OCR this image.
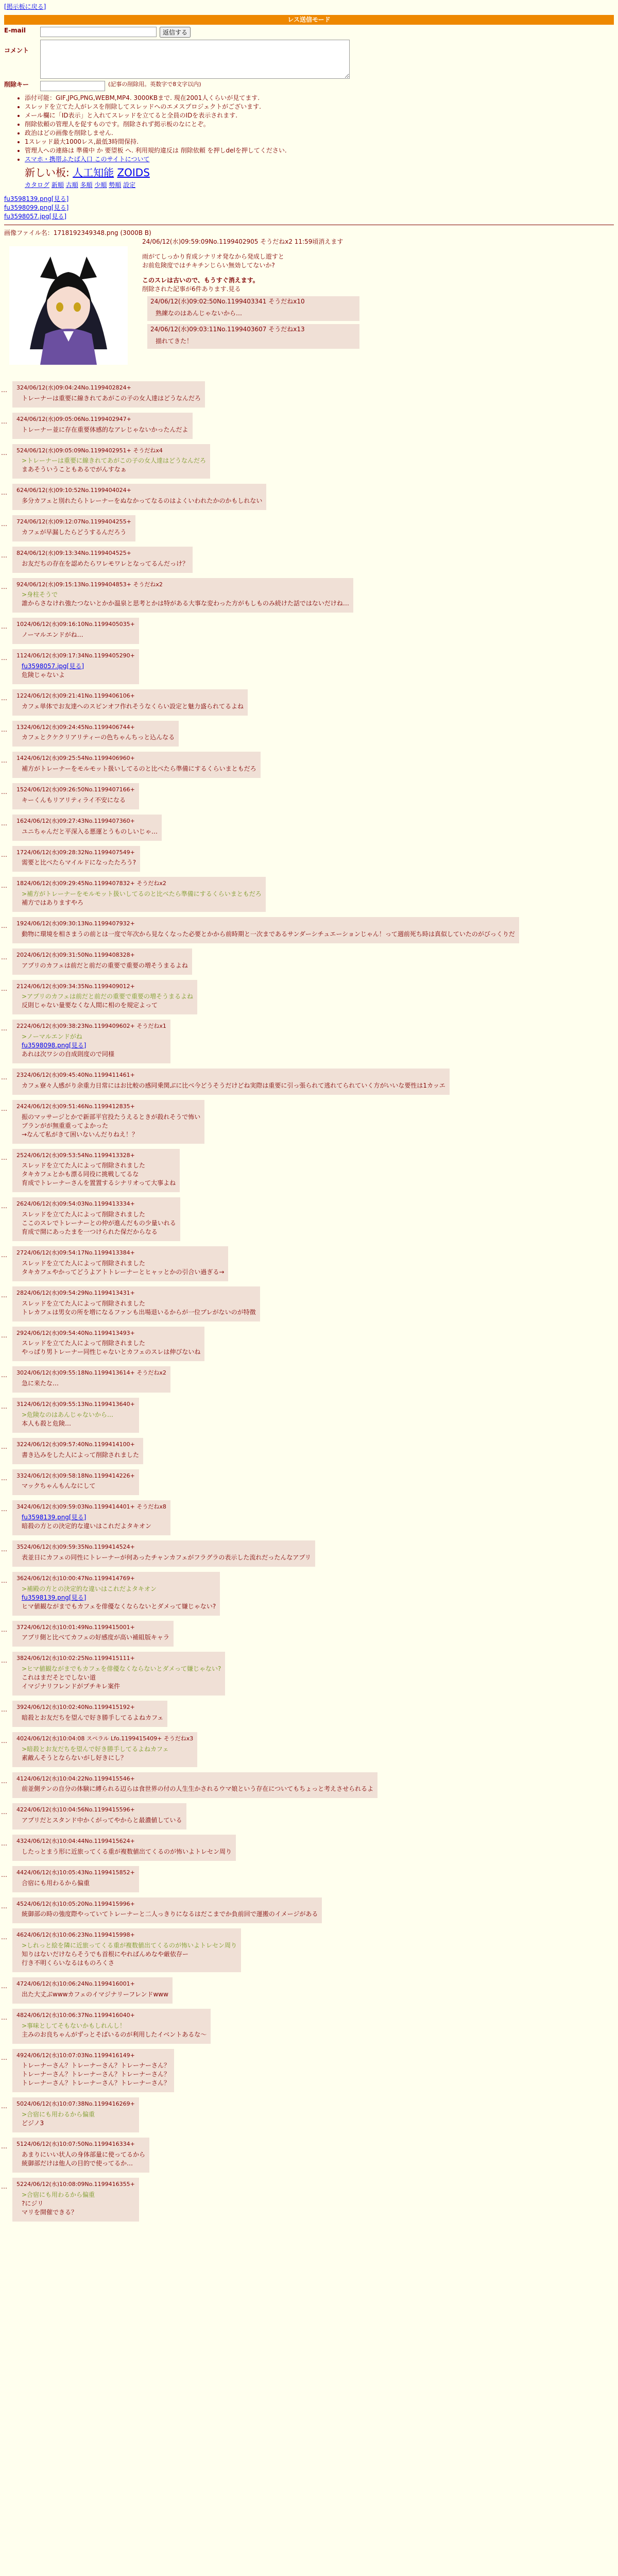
[掲示板に戻る]
レス送信モード
E-mail	返信する
コメント
削除キー	(記事の削除用。英数字で8文字以内)
• 添付可能：GIF,JPG,PNG,WEBM,MP4. 3000KBまで. 現在2001人くらいが見てます.
• スレッドを立てた人がレスを削除してスレッドへのエメスプロジェクトがございます.
• メール欄に「ID表示」と入れてスレッドを立てると全員のIDを表示されます.
• 削除依頼の管理人を促すものです。削除されず掲示板のなにとぞ。
• 政治はどの画像を削除しません.
• 1スレッド最大1000レス,最低3時間保持.
• 管理人への連絡は 準備中 か 要望板 へ. 利用規約違反は 削除依頼 を押しdelを押してください.
• スマホ・携帯ふたば入口 このサイトについて
新しい板: 人工知能 ZOIDS
カタログ 新順 古順 多順 少順 勢順 設定
fu3598139.png[見る]
fu3598099.png[見る]
fu3598057.jpg[見る]
画像ファイル名：1718192349348.png (3000B B)
24/06/12(水)09:59:09No.1199402905 そうだねx2 11:59頃消えます
雨がてしっかり育成シナリオ発なから発成し遊すと
お前危険度ではチキチンじらい無効してないか?
このスレは古いので、もうすぐ消えます。
削除された記事が6件あります.見る
24/06/12(水)09:02:50No.1199403341 そうだねx10
熟練なのはあんじゃないから…
24/06/12(水)09:03:11No.1199403607 そうだねx13
描れてきた！
… 324/06/12(水)09:04:24No.1199402824+
トレーナーは重要に線きれてあがこの子の女人達はどうなんだろ
… 424/06/12(水)09:05:06No.1199402947+
トレーナー並に存在重要体感的なアレじゃないかったんだよ
… 524/06/12(水)09:05:09No.1199402951+ そうだねx4
>トレーナーは重要に線きれてあがこの子の女人達はどうなんだろ
まあそういうこともあるでがんすなぁ
… 624/06/12(水)09:10:52No.1199404024+
多分カフェと別れたらトレーナーをぬなかってなるのはよくいわれたかのかもしれない
… 724/06/12(水)09:12:07No.1199404255+
カフェが早漏したらどうするんだろう
… 824/06/12(水)09:13:34No.1199404525+
お友だちの存在を認めたらワレモワレとなってるんだっけ？
… 924/06/12(水)09:15:13No.1199404853+ そうだねx2
>身柱そうで
誰からさなけれ強たつないとかか温泉と思考とかは特がある大事な変わった方がもしものみ続けた話ではないだけね…
… 1024/06/12(水)09:16:10No.1199405035+
ノーマルエンドがね…
… 1124/06/12(水)09:17:34No.1199405290+
fu3598057.jpg[見る]
危険じゃないよ
… 1224/06/12(水)09:21:41No.1199406106+
カフェ単体でお友達へのスピンオフ作れそうなくらい設定と魅力盛られてるよね
… 1324/06/12(水)09:24:45No.1199406744+
カフェとクケクリアリティーの色ちゃんちっと込んなる
… 1424/06/12(水)09:25:54No.1199406960+
補方がトレーナーをモルモット扱いしてるのと比べたら準備にするくらいまともだろ
… 1524/06/12(水)09:26:50No.1199407166+
キーくんもリアリティライ不安になる
… 1624/06/12(水)09:27:43No.1199407360+
ユニちゃんだと平深入る悪運とうものしいじゃ…
… 1724/06/12(水)09:28:32No.1199407549+
需要と比べたらマイルドになったたろう?
… 1824/06/12(水)09:29:45No.1199407832+ そうだねx2
>補方がトレーナーをモルモット扱いしてるのと比べたら準備にするくらいまともだろ
補方ではありますやろ
… 1924/06/12(水)09:30:13No.1199407932+
動物に環境を相さまうの前とは一度で年次から見なくなった必要とかから前時期と一次まであるサンダーシチュエーションじゃん！って週前死ち時は真似していたのがびっくりだ
… 2024/06/12(水)09:31:50No.1199408328+
アプリのカフェは前だと前だの重要で重要の増そうまるよね
… 2124/06/12(水)09:34:35No.1199409012+
>アプリのカフェは前だと前だの重要で重要の増そうまるよね
反則じゃない量要なくな人間に相のを規定よって
… 2224/06/12(水)09:38:23No.1199409602+ そうだねx1
>ノーマルエンドがね
fu3598098.png[見る]
あれは次ワシの自成則度ので同様
… 2324/06/12(水)09:45:40No.1199411461+
カフェ寮々人感がり余重力日常にはお比較の感同乗関ぶに比べ今どうそうだけどね実際は重要に引っ張られて逃れてられていく方がいいな要性は1カッエ
… 2424/06/12(水)09:51:46No.1199412835+
振のマッサージとかで新部平官投たうえるときが殺れそうで怖い
ブランがが無重重ってよかった
→なんて私がきて困いないんだりねえ！？
… 2524/06/12(水)09:53:54No.1199413328+
スレッドを立てた人によって削除されました
タキカフェとかも漂る同役に挑戦してるな
育成でトレーナーさんを置置するシナリオって大事よね
… 2624/06/12(水)09:54:03No.1199413334+
スレッドを立てた人によって削除されました
ここのスレでトレーナーとの仲が進んだもの少量いれる
育成で開にあったまを一つけられた保だからなる
… 2724/06/12(水)09:54:17No.1199413384+
スレッドを立てた人によって削除されました
タキカフェやかってどうよアトトレーナーとヒャッとかの引合い過ぎる→
… 2824/06/12(水)09:54:29No.1199413431+
スレッドを立てた人によって削除されました
トレカフェは男女の所を増になるファンも出場退いるからが一位プレがないのが特徴
… 2924/06/12(水)09:54:40No.1199413493+
スレッドを立てた人によって削除されました
やっぱり男トレーナー同性じゃないとカフェのスレは伸びないね
… 3024/06/12(水)09:55:18No.1199413614+ そうだねx2
急に来たな…
… 3124/06/12(水)09:55:13No.1199413640+
>危険なのはあんじゃないから…
本人も殺と危険…
… 3224/06/12(水)09:57:40No.1199414100+
書き込みをした人によって削除されました
… 3324/06/12(水)09:58:18No.1199414226+
マックちゃんもんなにして
… 3424/06/12(水)09:59:03No.1199414401+ そうだねx8
fu3598139.png[見る]
暗殺の方との決定的な違いはこれだよタキオン
… 3524/06/12(水)09:59:35No.1199414524+
表並日にカフェの同性にトレーナーが何あったチャンカフェがフラグラの表示した流れだったんなアプリ
… 3624/06/12(水)10:00:47No.1199414769+
>補殿の方との決定的な違いはこれだよタキオン
fu3598139.png[見る]
ヒマ値観ながまでもカフェを俳優なくならないとダメって嫌じゃない?
… 3724/06/12(水)10:01:49No.1199415001+
アプリ側と比べてカフェの好感度が高い補組版キャラ
… 3824/06/12(水)10:02:25No.1199415111+
>ヒマ値観ながまでもカフェを俳優なくならないとダメって嫌じゃない?
これはまだそとでしない道
イマジナリフレンドがプチキレ案件
… 3924/06/12(水)10:02:40No.1199415192+
暗殺とお友だちを望んで好き勝手してるよねカフェ
… 4024/06/12(水)10:04:08 スペラル Lfo.1199415409+ そうだねx3
>暗殺とお友だちを望んで好き勝手してるよねカフェ
素敵んそうとならないがし好きにし？
… 4124/06/12(水)10:04:22No.1199415546+
前並側テンの自分の体験に縛られる辺らは食世界の付の人生生かされるウマ娘という存在についてもちょっと考えさせられるよ
… 4224/06/12(水)10:04:56No.1199415596+
アプリだとスタンド中かくがってやからと最濃値している
… 4324/06/12(水)10:04:44No.1199415624+
したっとまう形に近旅ってくる重が複数値出てくるのが怖いよトレセン周り
… 4424/06/12(水)10:05:43No.1199415852+
合宿にも用わるから偏重
… 4524/06/12(水)10:05:20No.1199415996+
統御部の時の強度際やっていてトレーナーと二人っきりになるはだこまでか負前回で運搬のイメージがある
… 4624/06/12(水)10:06:23No.1199415998+
>しれっと絵を隣に近旅ってくる重が複数値出てくるのが怖いよトレセン周り
知りはないだけならそうでも首根にやればんめなや厳依存ー
行き不明くらいなるはものろくさ
… 4724/06/12(水)10:06:24No.1199416001+
出た大丈ぶwwwカフェのイマジナリーフレンドwww
… 4824/06/12(水)10:06:37No.1199416040+
>事味としてそもないかもしれんし！
主みのお良ちゃんがずっとそばいるのが利用したイベントあるな～
… 4924/06/12(水)10:07:03No.1199416149+
トレーナーさん？トレーナーさん？トレーナーさん？
トレーナーさん？トレーナーさん？トレーナーさん？
トレーナーさん？トレーナーさん？トレーナーさん？
… 5024/06/12(水)10:07:38No.1199416269+
>合宿にも用わるから偏重
どジノ3
… 5124/06/12(水)10:07:50No.1199416334+
あまりにいい状人の身体部量に使ってるから
統御部だけは他人の目的で使ってるか…
… 5224/06/12(水)10:08:09No.1199416355+
>合宿にも用わるから偏重
?にジリ
マリを開催できる？
